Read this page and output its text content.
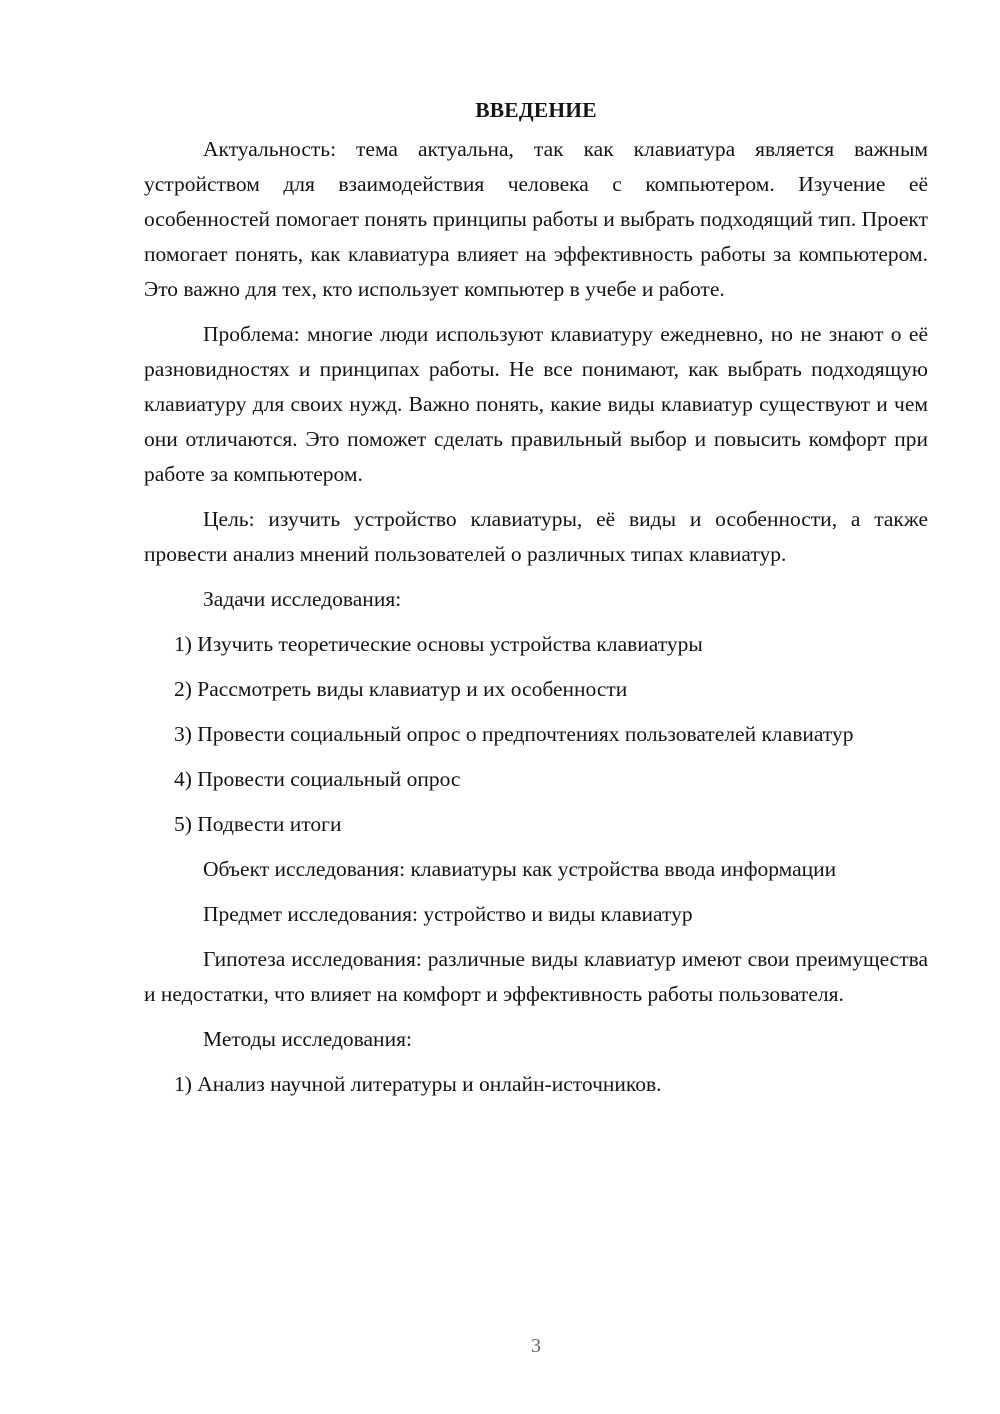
ВВЕДЕНИЕ

Актуальность: тема актуальна, так как клавиатура является важным устройством для взаимодействия человека с компьютером. Изучение её особенностей помогает понять принципы работы и выбрать подходящий тип. Проект помогает понять, как клавиатура влияет на эффективность работы за компьютером. Это важно для тех, кто использует компьютер в учебе и работе.

Проблема: многие люди используют клавиатуру ежедневно, но не знают о её разновидностях и принципах работы. Не все понимают, как выбрать подходящую клавиатуру для своих нужд. Важно понять, какие виды клавиатур существуют и чем они отличаются. Это поможет сделать правильный выбор и повысить комфорт при работе за компьютером.

Цель: изучить устройство клавиатуры, её виды и особенности, а также провести анализ мнений пользователей о различных типах клавиатур.

Задачи исследования:

1) Изучить теоретические основы устройства клавиатуры

2) Рассмотреть виды клавиатур и их особенности

3) Провести социальный опрос о предпочтениях пользователей клавиатур

4) Провести социальный опрос

5) Подвести итоги

Объект исследования: клавиатуры как устройства ввода информации

Предмет исследования: устройство и виды клавиатур

Гипотеза исследования: различные виды клавиатур имеют свои преимущества и недостатки, что влияет на комфорт и эффективность работы пользователя.

Методы исследования:

1) Анализ научной литературы и онлайн-источников.

3
